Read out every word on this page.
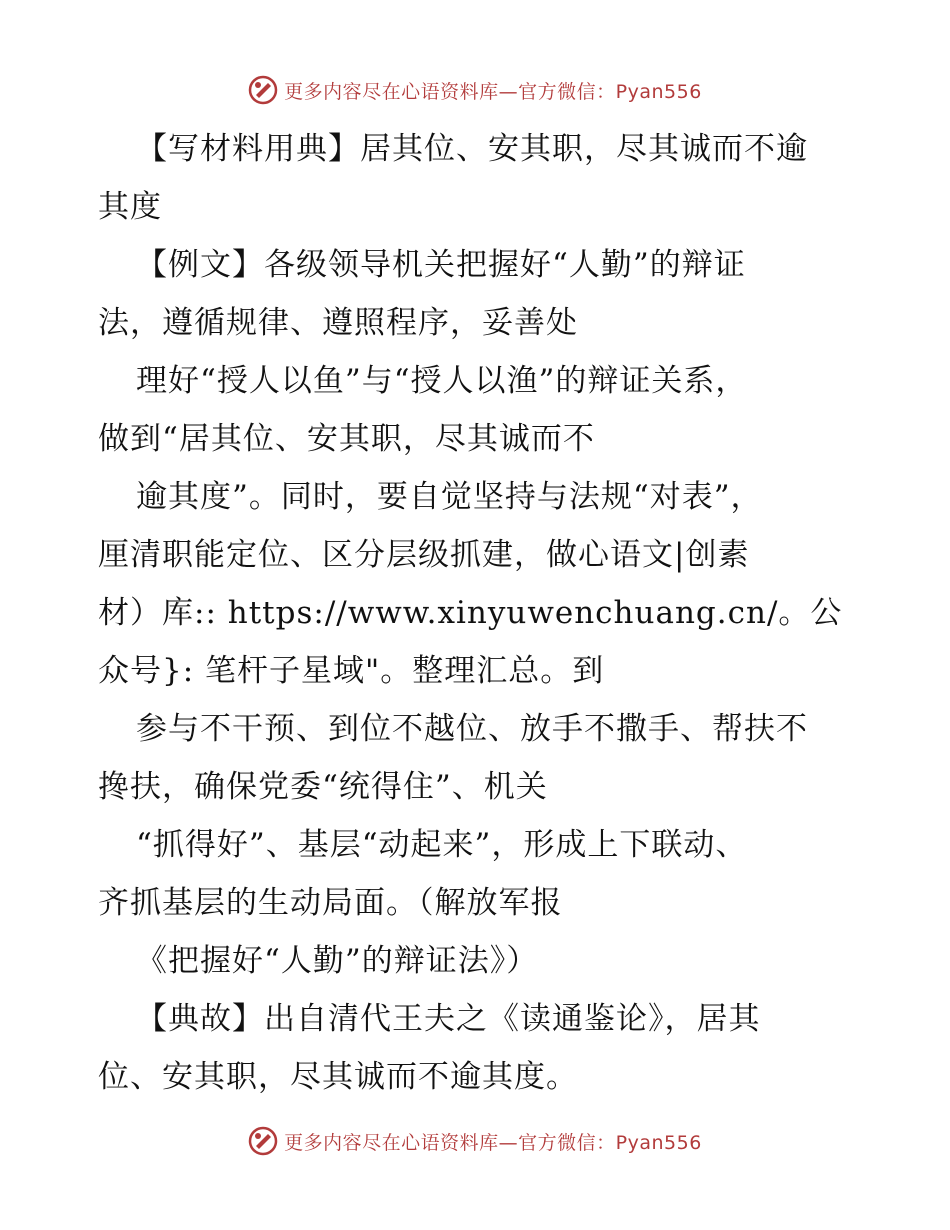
更多内容尽在心语资料库—官方微信：Pyan556
【写材料用典】居其位、安其职，尽其诚而不逾
其度
【例文】各级领导机关把握好“人勤”的辩证
法，遵循规律、遵照程序，妥善处
理好“授人以鱼”与“授人以渔”的辩证关系，
做到“居其位、安其职，尽其诚而不
逾其度”。同时，要自觉坚持与法规“对表”，
厘清职能定位、区分层级抓建，做心语文|创素
材）库:: https://www.xinyuwenchuang.cn/。公
众号}: 笔杆子星域"。整理汇总。到
参与不干预、到位不越位、放手不撒手、帮扶不
搀扶，确保党委“统得住”、机关
“抓得好”、基层“动起来”，形成上下联动、
齐抓基层的生动局面。（解放军报
《把握好“人勤”的辩证法》）
【典故】出自清代王夫之《读通鉴论》，居其
位、安其职，尽其诚而不逾其度。
更多内容尽在心语资料库—官方微信：Pyan556
